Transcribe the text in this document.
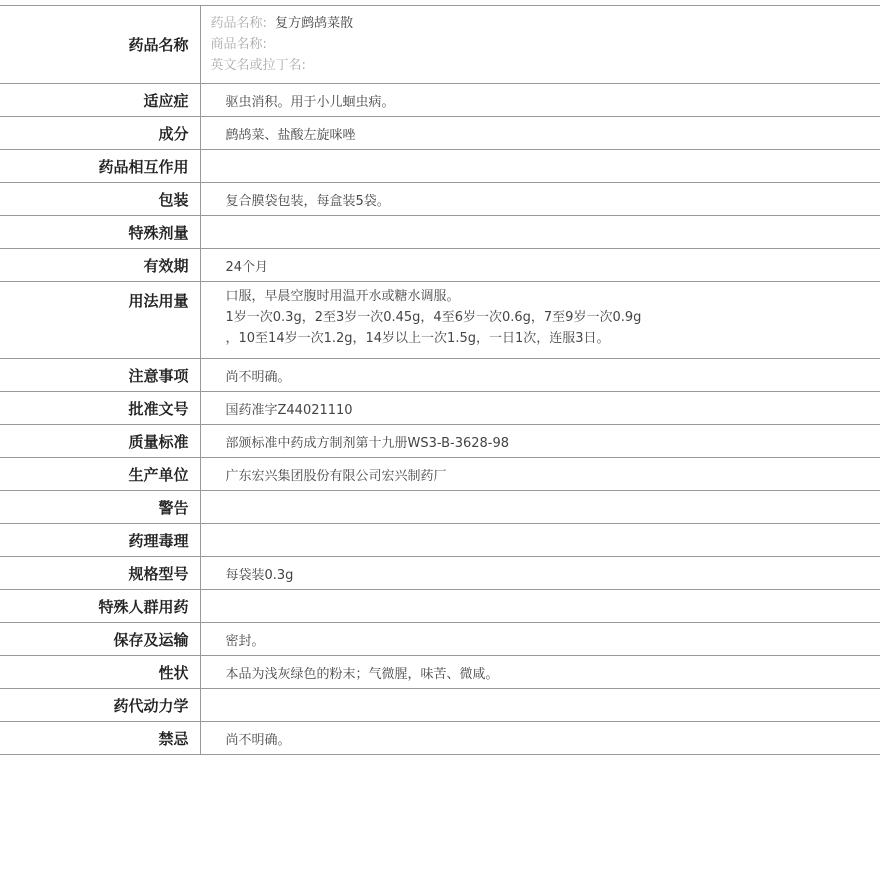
药品名称	药品名称: 复方鹧鸪菜散
商品名称:
英文名或拉丁名:

适应症	驱虫消积。用于小儿蛔虫病。
成分	鹧鸪菜、盐酸左旋咪唑
药品相互作用	
包装	复合膜袋包装，每盒装5袋。
特殊剂量	
有效期	24个月
用法用量	口服，早晨空腹时用温开水或糖水调服。
1岁一次0.3g，2至3岁一次0.45g，4至6岁一次0.6g，7至9岁一次0.9g
，10至14岁一次1.2g，14岁以上一次1.5g，一日1次，连服3日。

注意事项	尚不明确。
批准文号	国药准字Z44021110
质量标准	部颁标准中药成方制剂第十九册WS3-B-3628-98
生产单位	广东宏兴集团股份有限公司宏兴制药厂
警告	
药理毒理	
规格型号	每袋装0.3g
特殊人群用药	
保存及运输	密封。
性状	本品为浅灰绿色的粉末；气微腥，味苦、微咸。
药代动力学	
禁忌	尚不明确。
